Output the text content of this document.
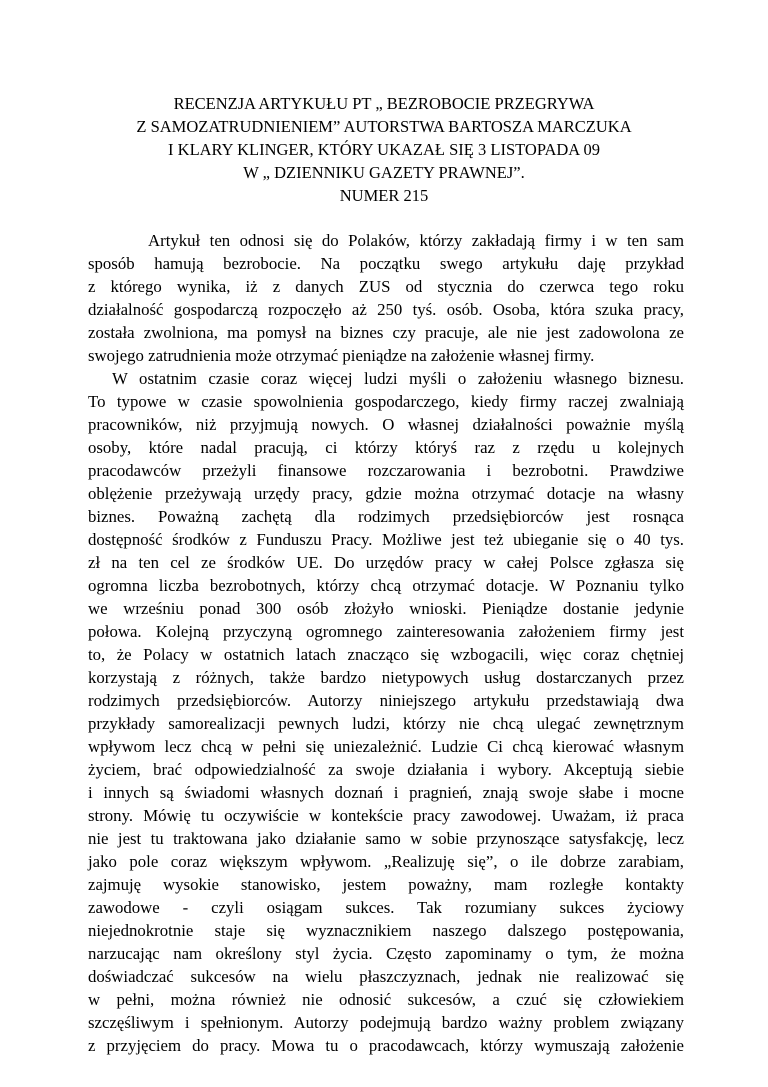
RECENZJA ARTYKUŁU PT „ BEZROBOCIE PRZEGRYWA
Z SAMOZATRUDNIENIEM” AUTORSTWA BARTOSZA MARCZUKA
I KLARY KLINGER, KTÓRY UKAZAŁ SIĘ 3 LISTOPADA 09
W „ DZIENNIKU GAZETY PRAWNEJ”.
NUMER 215
Artykuł ten odnosi się do Polaków, którzy zakładają firmy i w ten sam
sposób hamują bezrobocie. Na początku swego artykułu daję przykład
z którego wynika, iż z danych ZUS od stycznia do czerwca tego roku
działalność gospodarczą rozpoczęło aż 250 tyś. osób. Osoba, która szuka pracy,
została zwolniona, ma pomysł na biznes czy pracuje, ale nie jest zadowolona ze
swojego zatrudnienia może otrzymać pieniądze na założenie własnej firmy.
W ostatnim czasie coraz więcej ludzi myśli o założeniu własnego biznesu.
To typowe w czasie spowolnienia gospodarczego, kiedy firmy raczej zwalniają
pracowników, niż przyjmują nowych. O własnej działalności poważnie myślą
osoby, które nadal pracują, ci którzy któryś raz z rzędu u kolejnych
pracodawców przeżyli finansowe rozczarowania i bezrobotni. Prawdziwe
oblężenie przeżywają urzędy pracy, gdzie można otrzymać dotacje na własny
biznes. Poważną zachętą dla rodzimych przedsiębiorców jest rosnąca
dostępność środków z Funduszu Pracy. Możliwe jest też ubieganie się o 40 tys.
zł na ten cel ze środków UE. Do urzędów pracy w całej Polsce zgłasza się
ogromna liczba bezrobotnych, którzy chcą otrzymać dotacje. W Poznaniu tylko
we wrześniu ponad 300 osób złożyło wnioski. Pieniądze dostanie jedynie
połowa. Kolejną przyczyną ogromnego zainteresowania założeniem firmy jest
to, że Polacy w ostatnich latach znacząco się wzbogacili, więc coraz chętniej
korzystają z różnych, także bardzo nietypowych usług dostarczanych przez
rodzimych przedsiębiorców. Autorzy niniejszego artykułu przedstawiają dwa
przykłady samorealizacji pewnych ludzi, którzy nie chcą ulegać zewnętrznym
wpływom lecz chcą w pełni się uniezależnić. Ludzie Ci chcą kierować własnym
życiem, brać odpowiedzialność za swoje działania i wybory. Akceptują siebie
i innych są świadomi własnych doznań i pragnień, znają swoje słabe i mocne
strony. Mówię tu oczywiście w kontekście pracy zawodowej. Uważam, iż praca
nie jest tu traktowana jako działanie samo w sobie przynoszące satysfakcję, lecz
jako pole coraz większym wpływom. „Realizuję się”, o ile dobrze zarabiam,
zajmuję wysokie stanowisko, jestem poważny, mam rozległe kontakty
zawodowe - czyli osiągam sukces. Tak rozumiany sukces życiowy
niejednokrotnie staje się wyznacznikiem naszego dalszego postępowania,
narzucając nam określony styl życia. Często zapominamy o tym, że można
doświadczać sukcesów na wielu płaszczyznach, jednak nie realizować się
w pełni, można również nie odnosić sukcesów, a czuć się człowiekiem
szczęśliwym i spełnionym. Autorzy podejmują bardzo ważny problem związany
z przyjęciem do pracy. Mowa tu o pracodawcach, którzy wymuszają założenie
